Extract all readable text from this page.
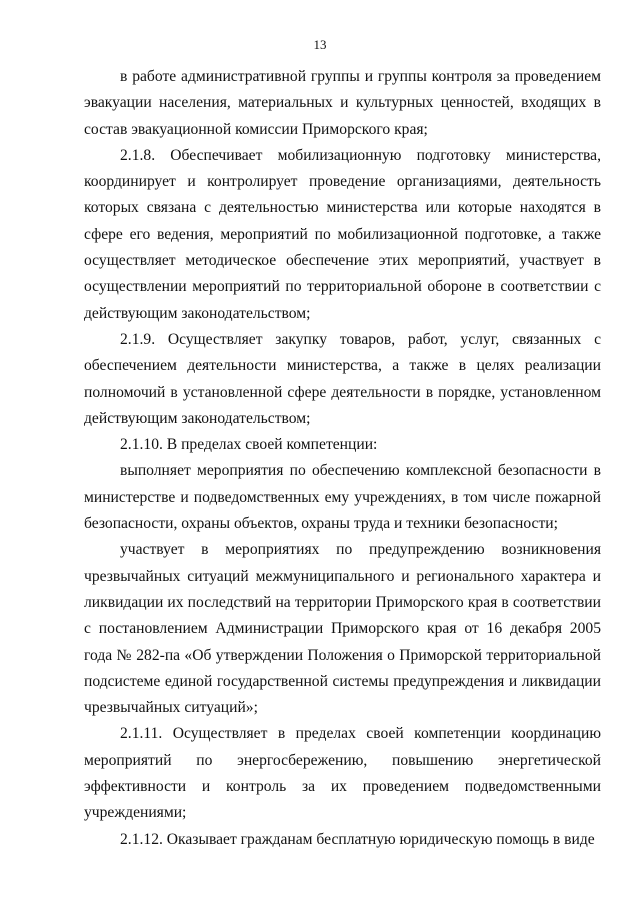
13

в работе административной группы и группы контроля за проведением эвакуации населения, материальных и культурных ценностей, входящих в состав эвакуационной комиссии Приморского края;

2.1.8. Обеспечивает мобилизационную подготовку министерства, координирует и контролирует проведение организациями, деятельность которых связана с деятельностью министерства или которые находятся в сфере его ведения, мероприятий по мобилизационной подготовке, а также осуществляет методическое обеспечение этих мероприятий, участвует в осуществлении мероприятий по территориальной обороне в соответствии с действующим законодательством;

2.1.9. Осуществляет закупку товаров, работ, услуг, связанных с обеспечением деятельности министерства, а также в целях реализации полномочий в установленной сфере деятельности в порядке, установленном действующим законодательством;

2.1.10. В пределах своей компетенции:

выполняет мероприятия по обеспечению комплексной безопасности в министерстве и подведомственных ему учреждениях, в том числе пожарной безопасности, охраны объектов, охраны труда и техники безопасности;

участвует в мероприятиях по предупреждению возникновения чрезвычайных ситуаций межмуниципального и регионального характера и ликвидации их последствий на территории Приморского края в соответствии с постановлением Администрации Приморского края от 16 декабря 2005 года № 282-па «Об утверждении Положения о Приморской территориальной подсистеме единой государственной системы предупреждения и ликвидации чрезвычайных ситуаций»;

2.1.11. Осуществляет в пределах своей компетенции координацию мероприятий по энергосбережению, повышению энергетической эффективности и контроль за их проведением подведомственными учреждениями;

2.1.12. Оказывает гражданам бесплатную юридическую помощь в виде
